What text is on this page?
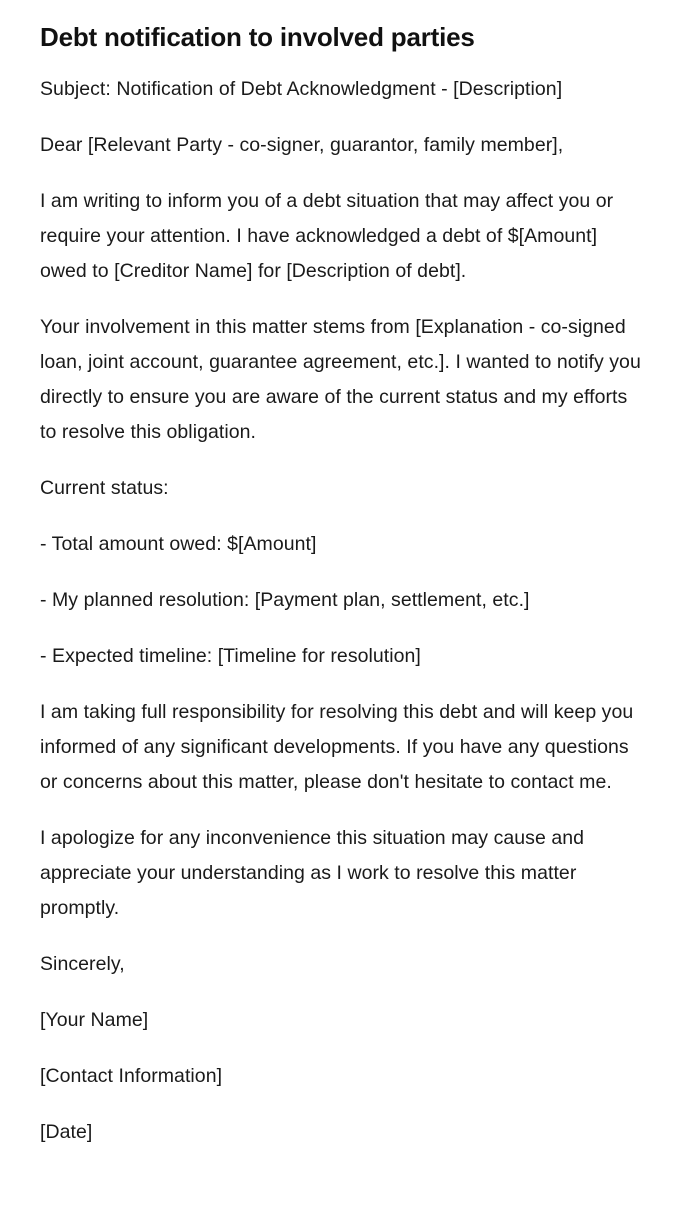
Debt notification to involved parties

Subject: Notification of Debt Acknowledgment - [Description]

Dear [Relevant Party - co-signer, guarantor, family member],

I am writing to inform you of a debt situation that may affect you or require your attention. I have acknowledged a debt of $[Amount] owed to [Creditor Name] for [Description of debt].

Your involvement in this matter stems from [Explanation - co-signed loan, joint account, guarantee agreement, etc.]. I wanted to notify you directly to ensure you are aware of the current status and my efforts to resolve this obligation.

Current status:

- Total amount owed: $[Amount]

- My planned resolution: [Payment plan, settlement, etc.]

- Expected timeline: [Timeline for resolution]

I am taking full responsibility for resolving this debt and will keep you informed of any significant developments. If you have any questions or concerns about this matter, please don't hesitate to contact me.

I apologize for any inconvenience this situation may cause and appreciate your understanding as I work to resolve this matter promptly.

Sincerely,

[Your Name]

[Contact Information]

[Date]
